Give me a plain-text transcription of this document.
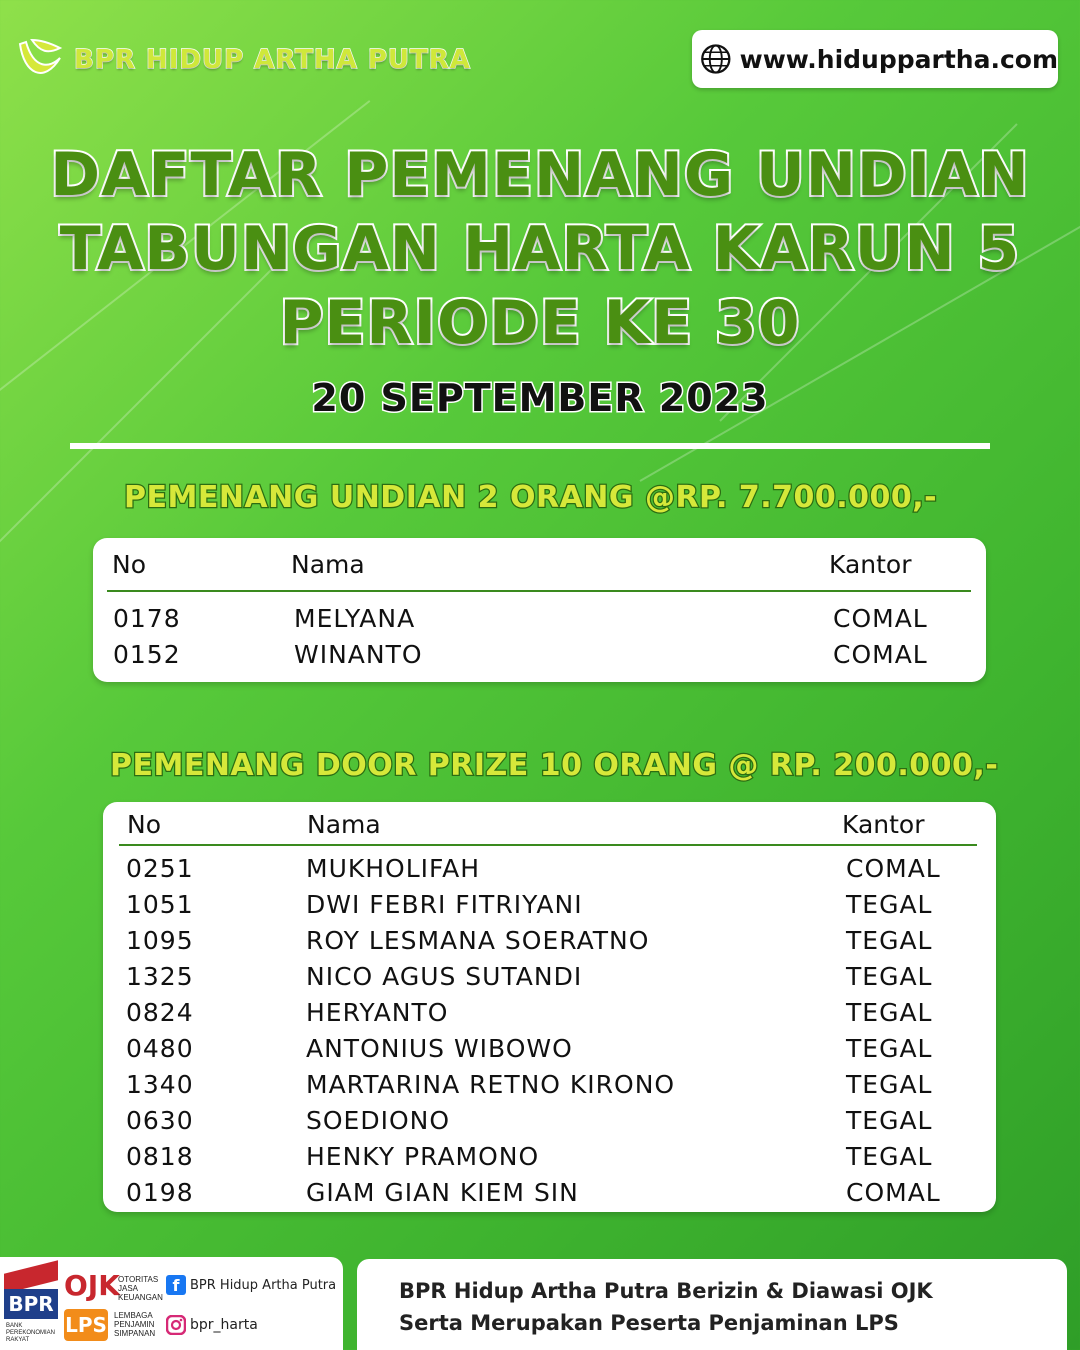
BPR HIDUP ARTHA PUTRA	www.hiduppartha.com
DAFTAR PEMENANG UNDIAN
TABUNGAN HARTA KARUN 5
PERIODE KE 30
20 SEPTEMBER 2023
PEMENANG UNDIAN 2 ORANG @RP. 7.700.000,-
No	Nama	Kantor
0178	MELYANA	COMAL
0152	WINANTO	COMAL
PEMENANG DOOR PRIZE 10 ORANG @ RP. 200.000,-
No	Nama	Kantor
0251	MUKHOLIFAH	COMAL
1051	DWI FEBRI FITRIYANI	TEGAL
1095	ROY LESMANA SOERATNO	TEGAL
1325	NICO AGUS SUTANDI	TEGAL
0824	HERYANTO	TEGAL
0480	ANTONIUS WIBOWO	TEGAL
1340	MARTARINA RETNO KIRONO	TEGAL
0630	SOEDIONO	TEGAL
0818	HENKY PRAMONO	TEGAL
0198	GIAM GIAN KIEM SIN	COMAL
BPR
BANK PEREKONOMIAN RAKYAT
OJK
OTORITAS JASA KEUANGAN
LPS LEMBAGA PENJAMIN SIMPANAN
f BPR Hidup Artha Putra
bpr_harta
BPR Hidup Artha Putra Berizin & Diawasi OJK
Serta Merupakan Peserta Penjaminan LPS
